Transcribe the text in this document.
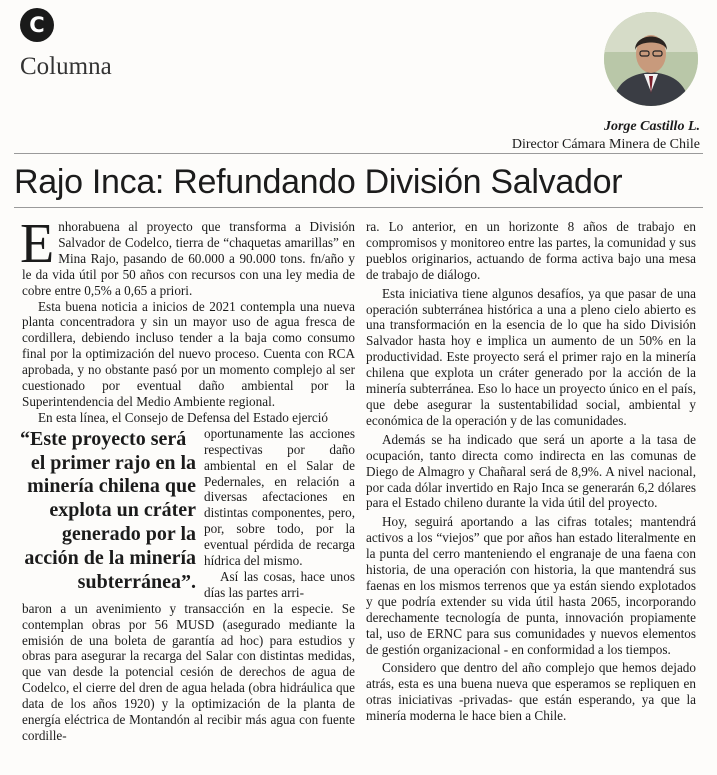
C
Columna
Jorge Castillo L.
Director Cámara Minera de Chile
Rajo Inca: Refundando División Salvador

Enhorabuena al proyecto que transforma a División Salvador de Codelco, tierra de “chaquetas amarillas” en Mina Rajo, pasando de 60.000 a 90.000 tons. fn/año y le da vida útil por 50 años con recursos con una ley media de cobre entre 0,5% a 0,65 a priori.

Esta buena noticia a inicios de 2021 contempla una nueva planta concentradora y sin un mayor uso de agua fresca de cordillera, debiendo incluso tender a la baja como consumo final por la optimización del nuevo proceso. Cuenta con RCA aprobada, y no obstante pasó por un momento complejo al ser cuestionado por eventual daño ambiental por la Superintendencia del Medio Ambiente regional.

En esta línea, el Consejo de Defensa del Estado ejerció

“Este proyecto será
el primer rajo en la minería chilena que explota un cráter generado por la acción de la minería subterránea”.

oportunamente las acciones respectivas por daño ambiental en el Salar de Pedernales, en relación a diversas afectaciones en distintas componentes, pero, por, sobre todo, por la eventual pérdida de recarga hídrica del mismo.

Así las cosas, hace unos días las partes arri-

baron a un avenimiento y transacción en la especie. Se contemplan obras por 56 MUSD (asegurado mediante la emisión de una boleta de garantía ad hoc) para estudios y obras para asegurar la recarga del Salar con distintas medidas, que van desde la potencial cesión de derechos de agua de Codelco, el cierre del dren de agua helada (obra hidráulica que data de los años 1920) y la optimización de la planta de energía eléctrica de Montandón al recibir más agua con fuente cordille-

ra. Lo anterior, en un horizonte 8 años de trabajo en compromisos y monitoreo entre las partes, la comunidad y sus pueblos originarios, actuando de forma activa bajo una mesa de trabajo de diálogo.

Esta iniciativa tiene algunos desafíos, ya que pasar de una operación subterránea histórica a una a pleno cielo abierto es una transformación en la esencia de lo que ha sido División Salvador hasta hoy e implica un aumento de un 50% en la productividad. Este proyecto será el primer rajo en la minería chilena que explota un cráter generado por la acción de la minería subterránea. Eso lo hace un proyecto único en el país, que debe asegurar la sustentabilidad social, ambiental y económica de la operación y de las comunidades.

Además se ha indicado que será un aporte a la tasa de ocupación, tanto directa como indirecta en las comunas de Diego de Almagro y Chañaral será de 8,9%. A nivel nacional, por cada dólar invertido en Rajo Inca se generarán 6,2 dólares para el Estado chileno durante la vida útil del proyecto.

Hoy, seguirá aportando a las cifras totales; mantendrá activos a los “viejos” que por años han estado literalmente en la punta del cerro manteniendo el engranaje de una faena con historia, de una operación con historia, la que mantendrá sus faenas en los mismos terrenos que ya están siendo explotados y que podría extender su vida útil hasta 2065, incorporando derechamente tecnología de punta, innovación propiamente tal, uso de ERNC para sus comunidades y nuevos elementos de gestión organizacional - en conformidad a los tiempos.

Considero que dentro del año complejo que hemos dejado atrás, esta es una buena nueva que esperamos se repliquen en otras iniciativas -privadas- que están esperando, ya que la minería moderna le hace bien a Chile.
